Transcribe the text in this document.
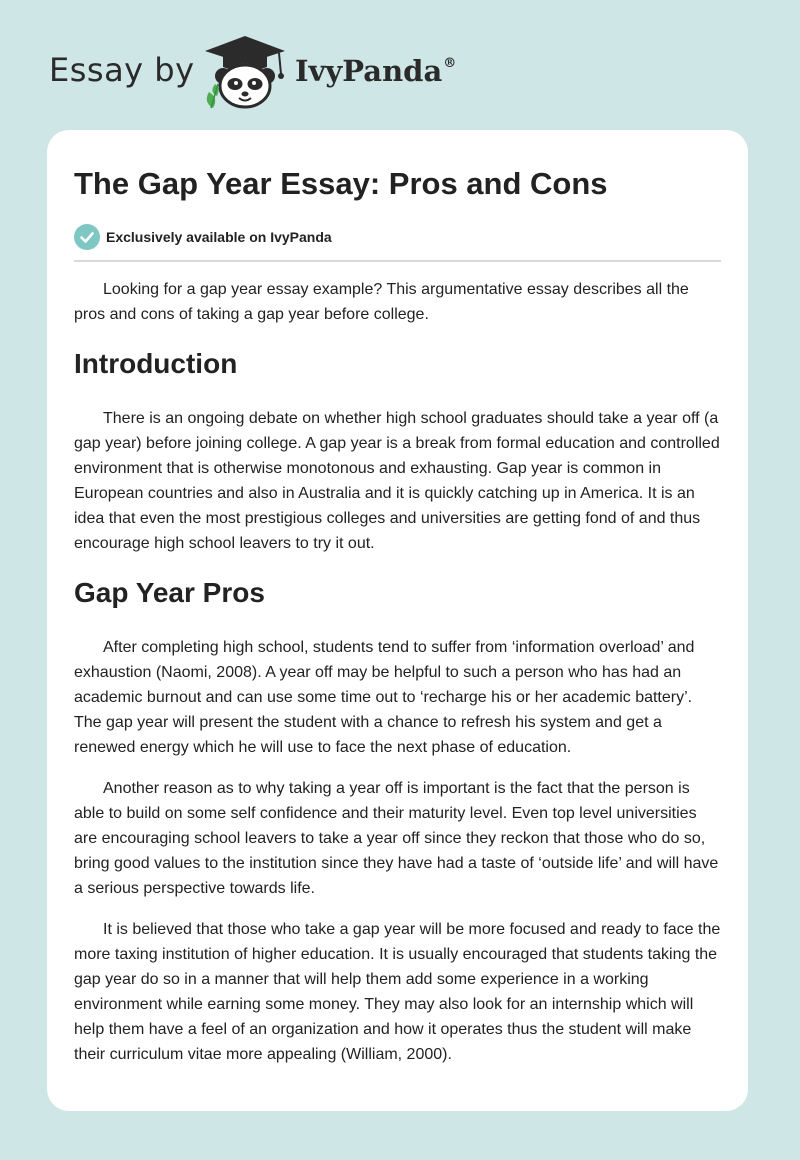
Essay by	IvyPanda®
The Gap Year Essay: Pros and Cons
Exclusively available on IvyPanda

Looking for a gap year essay example? This argumentative essay describes all the pros and cons of taking a gap year before college.

Introduction

There is an ongoing debate on whether high school graduates should take a year off (a gap year) before joining college. A gap year is a break from formal education and controlled environment that is otherwise monotonous and exhausting. Gap year is common in European countries and also in Australia and it is quickly catching up in America. It is an idea that even the most prestigious colleges and universities are getting fond of and thus encourage high school leavers to try it out.

Gap Year Pros

After completing high school, students tend to suffer from ‘information overload’ and exhaustion (Naomi, 2008). A year off may be helpful to such a person who has had an academic burnout and can use some time out to ‘recharge his or her academic battery’. The gap year will present the student with a chance to refresh his system and get a renewed energy which he will use to face the next phase of education.

Another reason as to why taking a year off is important is the fact that the person is able to build on some self confidence and their maturity level. Even top level universities are encouraging school leavers to take a year off since they reckon that those who do so, bring good values to the institution since they have had a taste of ‘outside life’ and will have a serious perspective towards life.

It is believed that those who take a gap year will be more focused and ready to face the more taxing institution of higher education. It is usually encouraged that students taking the gap year do so in a manner that will help them add some experience in a working environment while earning some money. They may also look for an internship which will help them have a feel of an organization and how it operates thus the student will make their curriculum vitae more appealing (William, 2000).
